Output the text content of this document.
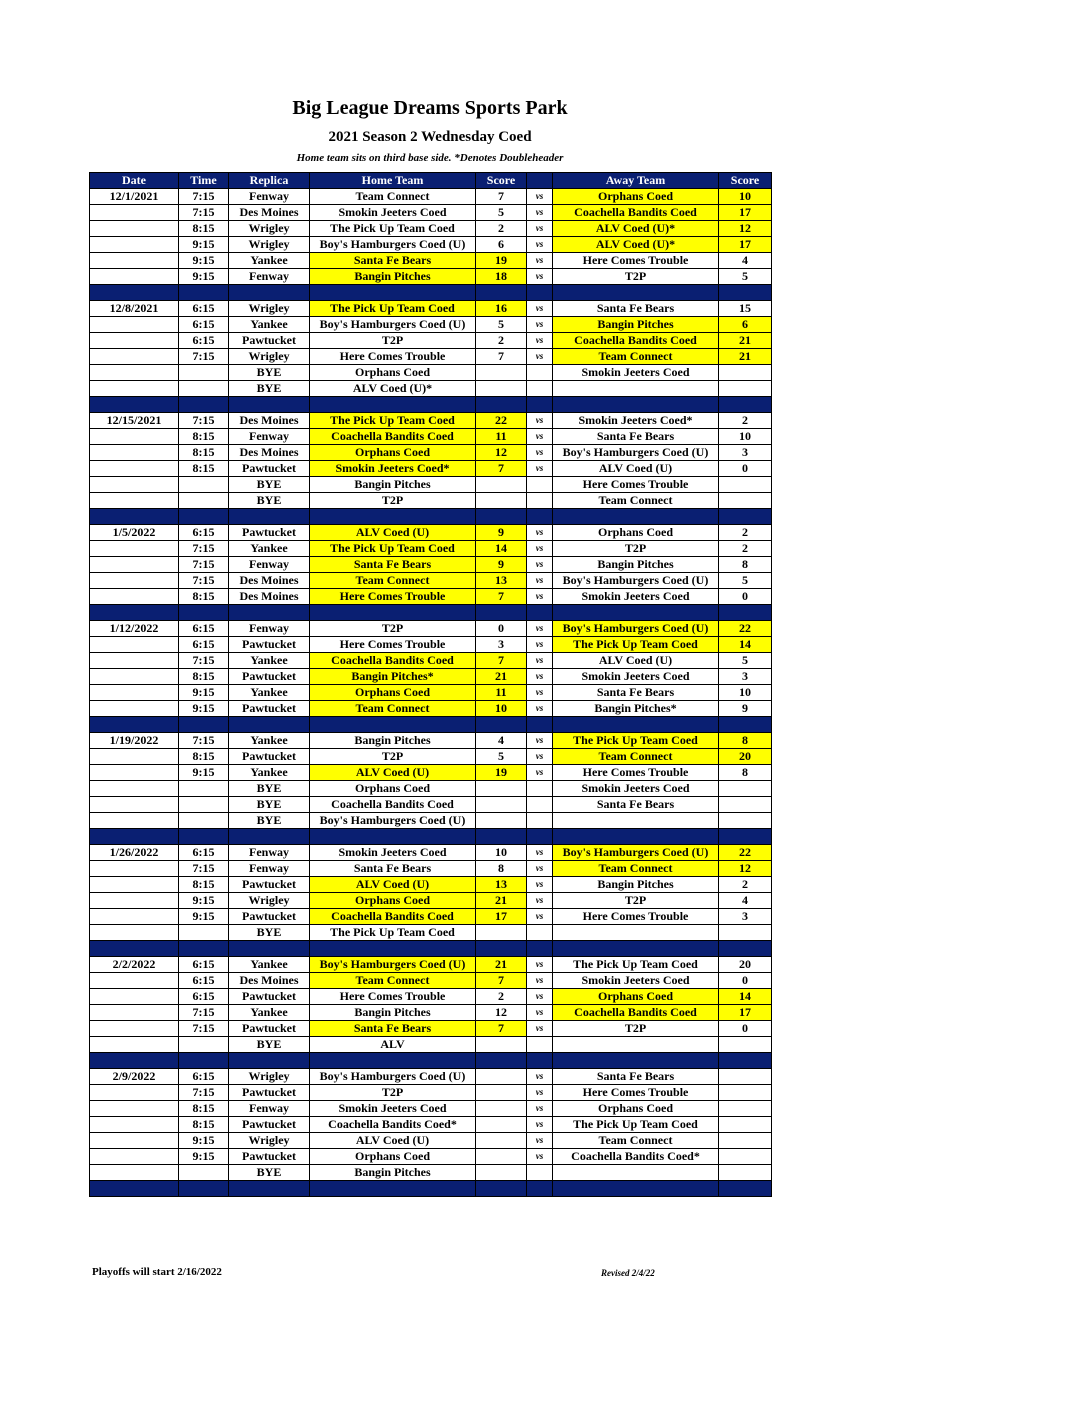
Big League Dreams Sports Park
2021 Season 2 Wednesday Coed
Home team sits on third base side. *Denotes Doubleheader
Date	Time	Replica	Home Team	Score		Away Team	Score
12/1/2021	7:15	Fenway	Team Connect	7	vs	Orphans Coed	10
	7:15	Des Moines	Smokin Jeeters Coed	5	vs	Coachella Bandits Coed	17
	8:15	Wrigley	The Pick Up Team Coed	2	vs	ALV Coed (U)*	12
	9:15	Wrigley	Boy's Hamburgers Coed (U)	6	vs	ALV Coed (U)*	17
	9:15	Yankee	Santa Fe Bears	19	vs	Here Comes Trouble	4
	9:15	Fenway	Bangin Pitches	18	vs	T2P	5

12/8/2021	6:15	Wrigley	The Pick Up Team Coed	16	vs	Santa Fe Bears	15
	6:15	Yankee	Boy's Hamburgers Coed (U)	5	vs	Bangin Pitches	6
	6:15	Pawtucket	T2P	2	vs	Coachella Bandits Coed	21
	7:15	Wrigley	Here Comes Trouble	7	vs	Team Connect	21
		BYE	Orphans Coed			Smokin Jeeters Coed	
		BYE	ALV Coed (U)*				

12/15/2021	7:15	Des Moines	The Pick Up Team Coed	22	vs	Smokin Jeeters Coed*	2
	8:15	Fenway	Coachella Bandits Coed	11	vs	Santa Fe Bears	10
	8:15	Des Moines	Orphans Coed	12	vs	Boy's Hamburgers Coed (U)	3
	8:15	Pawtucket	Smokin Jeeters Coed*	7	vs	ALV Coed (U)	0
		BYE	Bangin Pitches			Here Comes Trouble	
		BYE	T2P			Team Connect	

1/5/2022	6:15	Pawtucket	ALV Coed (U)	9	vs	Orphans Coed	2
	7:15	Yankee	The Pick Up Team Coed	14	vs	T2P	2
	7:15	Fenway	Santa Fe Bears	9	vs	Bangin Pitches	8
	7:15	Des Moines	Team Connect	13	vs	Boy's Hamburgers Coed (U)	5
	8:15	Des Moines	Here Comes Trouble	7	vs	Smokin Jeeters Coed	0

1/12/2022	6:15	Fenway	T2P	0	vs	Boy's Hamburgers Coed (U)	22
	6:15	Pawtucket	Here Comes Trouble	3	vs	The Pick Up Team Coed	14
	7:15	Yankee	Coachella Bandits Coed	7	vs	ALV Coed (U)	5
	8:15	Pawtucket	Bangin Pitches*	21	vs	Smokin Jeeters Coed	3
	9:15	Yankee	Orphans Coed	11	vs	Santa Fe Bears	10
	9:15	Pawtucket	Team Connect	10	vs	Bangin Pitches*	9

1/19/2022	7:15	Yankee	Bangin Pitches	4	vs	The Pick Up Team Coed	8
	8:15	Pawtucket	T2P	5	vs	Team Connect	20
	9:15	Yankee	ALV Coed (U)	19	vs	Here Comes Trouble	8
		BYE	Orphans Coed			Smokin Jeeters Coed	
		BYE	Coachella Bandits Coed			Santa Fe Bears	
		BYE	Boy's Hamburgers Coed (U)				

1/26/2022	6:15	Fenway	Smokin Jeeters Coed	10	vs	Boy's Hamburgers Coed (U)	22
	7:15	Fenway	Santa Fe Bears	8	vs	Team Connect	12
	8:15	Pawtucket	ALV Coed (U)	13	vs	Bangin Pitches	2
	9:15	Wrigley	Orphans Coed	21	vs	T2P	4
	9:15	Pawtucket	Coachella Bandits Coed	17	vs	Here Comes Trouble	3
		BYE	The Pick Up Team Coed				

2/2/2022	6:15	Yankee	Boy's Hamburgers Coed (U)	21	vs	The Pick Up Team Coed	20
	6:15	Des Moines	Team Connect	7	vs	Smokin Jeeters Coed	0
	6:15	Pawtucket	Here Comes Trouble	2	vs	Orphans Coed	14
	7:15	Yankee	Bangin Pitches	12	vs	Coachella Bandits Coed	17
	7:15	Pawtucket	Santa Fe Bears	7	vs	T2P	0
		BYE	ALV				

2/9/2022	6:15	Wrigley	Boy's Hamburgers Coed (U)		vs	Santa Fe Bears	
	7:15	Pawtucket	T2P		vs	Here Comes Trouble	
	8:15	Fenway	Smokin Jeeters Coed		vs	Orphans Coed	
	8:15	Pawtucket	Coachella Bandits Coed*		vs	The Pick Up Team Coed	
	9:15	Wrigley	ALV Coed (U)		vs	Team Connect	
	9:15	Pawtucket	Orphans Coed		vs	Coachella Bandits Coed*	
		BYE	Bangin Pitches				

Playoffs will start 2/16/2022	Revised 2/4/22
